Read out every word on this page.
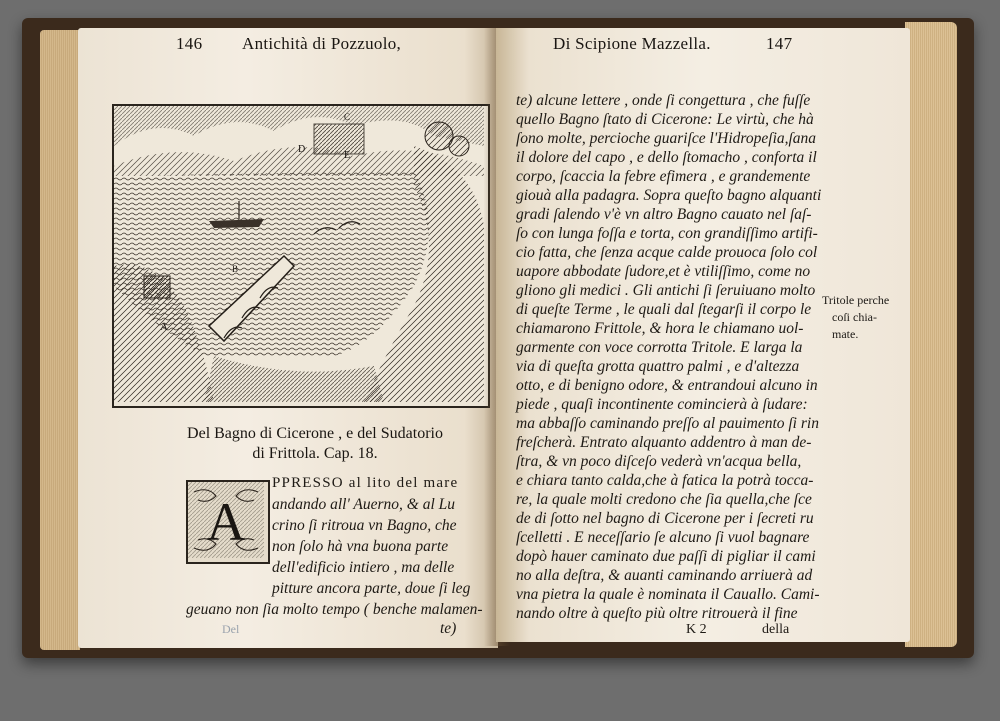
146 Antichità di Pozzuolo,
C
D
E
B
A
Del Bagno di Cicerone , e del Sudatorio
di Frittola. Cap. 18.
A
PPRESSO al lito del mare
andando all' Auerno, & al Lu
crino ſi ritroua vn Bagno, che
non ſolo hà vna buona parte
dell'edificio intiero , ma delle
pitture ancora parte, doue ſi leg
geuano non ſia molto tempo ( benche malamen-
te)
Del
Di Scipione Mazzella.	147
te) alcune lettere , onde ſi congettura , che fuſſe
quello Bagno ſtato di Cicerone: Le virtù, che hà
ſono molte, percioche guariſce l'Hidropeſia,ſana
il dolore del capo , e dello ſtomacho , conforta il
corpo, ſcaccia la febre efimera , e grandemente
giouà alla padagra. Sopra queſto bagno alquanti
gradi ſalendo v'è vn altro Bagno cauato nel ſaſ-
ſo con lunga foſſa e torta, con grandiſſimo artifi-
cio fatta, che ſenza acque calde prouoca ſolo col
uapore abbodate ſudore,et è vtiliſſimo, come no
gliono gli medici . Gli antichi ſi ſeruiuano molto
di queſte Terme , le quali dal ſtegarſi il corpo le
chiamarono Frittole, & hora le chiamano uol-
garmente con voce corrotta Tritole. E larga la
via di queſta grotta quattro palmi , e d'altezza
otto, e di benigno odore, & entrandoui alcuno in
piede , quaſi incontinente comincierà à ſudare:
ma abbaſſo caminando preſſo al pauimento ſi rin
freſcherà. Entrato alquanto addentro à man de-
ſtra, & vn poco diſceſo vederà vn'acqua bella,
e chiara tanto calda,che à fatica la potrà tocca-
re, la quale molti credono che ſia quella,che ſce
de di ſotto nel bagno di Cicerone per i ſecreti ru
ſcelletti . E neceſſario ſe alcuno ſi vuol bagnare
dopò hauer caminato due paſſi di pigliar il cami
no alla deſtra, & auanti caminando arriuerà ad
vna pietra la quale è nominata il Cauallo. Cami-
nando oltre à queſto più oltre ritrouerà il fine
K 2	della
Tritole perche
coſi chia-
mate.
